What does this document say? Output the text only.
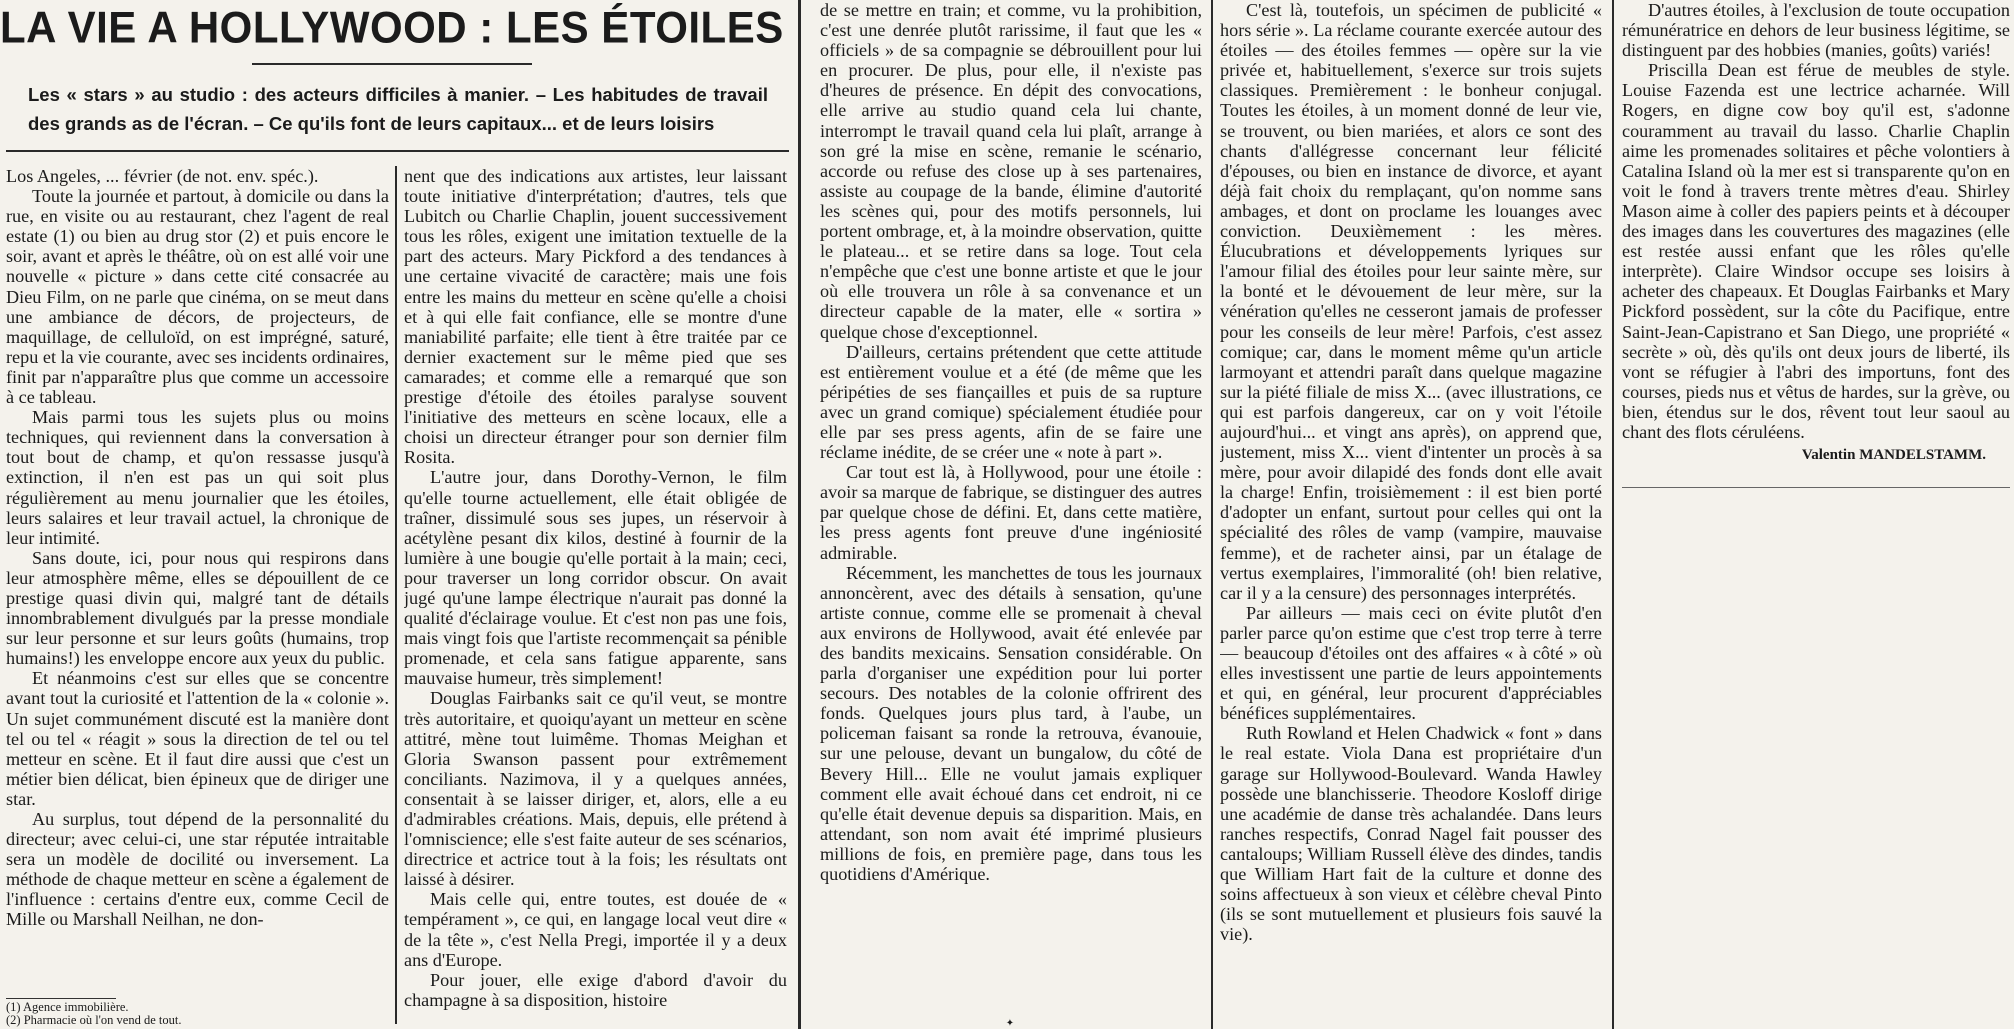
LA VIE A HOLLYWOOD : LES ÉTOILES
Les « stars » au studio : des acteurs difficiles à manier. – Les habitudes de travail des grands as de l'écran. – Ce qu'ils font de leurs capitaux... et de leurs loisirs

Los Angeles, ... février (de not. env. spéc.).

Toute la journée et partout, à domicile ou dans la rue, en visite ou au restaurant, chez l'agent de real estate (1) ou bien au drug stor (2) et puis encore le soir, avant et après le théâtre, où on est allé voir une nouvelle « picture » dans cette cité consacrée au Dieu Film, on ne parle que cinéma, on se meut dans une ambiance de décors, de projecteurs, de maquillage, de celluloïd, on est imprégné, saturé, repu et la vie courante, avec ses incidents ordinaires, finit par n'apparaître plus que comme un accessoire à ce tableau.

Mais parmi tous les sujets plus ou moins techniques, qui reviennent dans la conversation à tout bout de champ, et qu'on ressasse jusqu'à extinction, il n'en est pas un qui soit plus régulièrement au menu journalier que les étoiles, leurs salaires et leur travail actuel, la chronique de leur intimité.

Sans doute, ici, pour nous qui respirons dans leur atmosphère même, elles se dépouillent de ce prestige quasi divin qui, malgré tant de détails innombrablement divulgués par la presse mondiale sur leur personne et sur leurs goûts (humains, trop humains!) les enveloppe encore aux yeux du public.

Et néanmoins c'est sur elles que se concentre avant tout la curiosité et l'attention de la « colonie ». Un sujet communément discuté est la manière dont tel ou tel « réagit » sous la direction de tel ou tel metteur en scène. Et il faut dire aussi que c'est un métier bien délicat, bien épineux que de diriger une star.

Au surplus, tout dépend de la personnalité du directeur; avec celui-ci, une star réputée intraitable sera un modèle de docilité ou inversement. La méthode de chaque metteur en scène a également de l'influence : certains d'entre eux, comme Cecil de Mille ou Marshall Neilhan, ne don-

(1) Agence immobilière.
(2) Pharmacie où l'on vend de tout.

nent que des indications aux artistes, leur laissant toute initiative d'interprétation; d'autres, tels que Lubitch ou Charlie Chaplin, jouent successivement tous les rôles, exigent une imitation textuelle de la part des acteurs. Mary Pickford a des tendances à une certaine vivacité de caractère; mais une fois entre les mains du metteur en scène qu'elle a choisi et à qui elle fait confiance, elle se montre d'une maniabilité parfaite; elle tient à être traitée par ce dernier exactement sur le même pied que ses camarades; et comme elle a remarqué que son prestige d'étoile des étoiles paralyse souvent l'initiative des metteurs en scène locaux, elle a choisi un directeur étranger pour son dernier film Rosita.

L'autre jour, dans Dorothy-Vernon, le film qu'elle tourne actuellement, elle était obligée de traîner, dissimulé sous ses jupes, un réservoir à acétylène pesant dix kilos, destiné à fournir de la lumière à une bougie qu'elle portait à la main; ceci, pour traverser un long corridor obscur. On avait jugé qu'une lampe électrique n'aurait pas donné la qualité d'éclairage voulue. Et c'est non pas une fois, mais vingt fois que l'artiste recommençait sa pénible promenade, et cela sans fatigue apparente, sans mauvaise humeur, très simplement!

Douglas Fairbanks sait ce qu'il veut, se montre très autoritaire, et quoiqu'ayant un metteur en scène attitré, mène tout luimême. Thomas Meighan et Gloria Swanson passent pour extrêmement conciliants. Nazimova, il y a quelques années, consentait à se laisser diriger, et, alors, elle a eu d'admirables créations. Mais, depuis, elle prétend à l'omniscience; elle s'est faite auteur de ses scénarios, directrice et actrice tout à la fois; les résultats ont laissé à désirer.

Mais celle qui, entre toutes, est douée de « tempérament », ce qui, en langage local veut dire « de la tête », c'est Nella Pregi, importée il y a deux ans d'Europe.

Pour jouer, elle exige d'abord d'avoir du champagne à sa disposition, histoire

de se mettre en train; et comme, vu la prohibition, c'est une denrée plutôt rarissime, il faut que les « officiels » de sa compagnie se débrouillent pour lui en procurer. De plus, pour elle, il n'existe pas d'heures de présence. En dépit des convocations, elle arrive au studio quand cela lui chante, interrompt le travail quand cela lui plaît, arrange à son gré la mise en scène, remanie le scénario, accorde ou refuse des close up à ses partenaires, assiste au coupage de la bande, élimine d'autorité les scènes qui, pour des motifs personnels, lui portent ombrage, et, à la moindre observation, quitte le plateau... et se retire dans sa loge. Tout cela n'empêche que c'est une bonne artiste et que le jour où elle trouvera un rôle à sa convenance et un directeur capable de la mater, elle « sortira » quelque chose d'exceptionnel.

D'ailleurs, certains prétendent que cette attitude est entièrement voulue et a été (de même que les péripéties de ses fiançailles et puis de sa rupture avec un grand comique) spécialement étudiée pour elle par ses press agents, afin de se faire une réclame inédite, de se créer une « note à part ».

Car tout est là, à Hollywood, pour une étoile : avoir sa marque de fabrique, se distinguer des autres par quelque chose de défini. Et, dans cette matière, les press agents font preuve d'une ingéniosité admirable.

Récemment, les manchettes de tous les journaux annoncèrent, avec des détails à sensation, qu'une artiste connue, comme elle se promenait à cheval aux environs de Hollywood, avait été enlevée par des bandits mexicains. Sensation considérable. On parla d'organiser une expédition pour lui porter secours. Des notables de la colonie offrirent des fonds. Quelques jours plus tard, à l'aube, un policeman faisant sa ronde la retrouva, évanouie, sur une pelouse, devant un bungalow, du côté de Bevery Hill... Elle ne voulut jamais expliquer comment elle avait échoué dans cet endroit, ni ce qu'elle était devenue depuis sa disparition. Mais, en attendant, son nom avait été imprimé plusieurs millions de fois, en première page, dans tous les quotidiens d'Amérique.

✦

C'est là, toutefois, un spécimen de publicité « hors série ». La réclame courante exercée autour des étoiles — des étoiles femmes — opère sur la vie privée et, habituellement, s'exerce sur trois sujets classiques. Premièrement : le bonheur conjugal. Toutes les étoiles, à un moment donné de leur vie, se trouvent, ou bien mariées, et alors ce sont des chants d'allégresse concernant leur félicité d'épouses, ou bien en instance de divorce, et ayant déjà fait choix du remplaçant, qu'on nomme sans ambages, et dont on proclame les louanges avec conviction. Deuxièmement : les mères. Élucubrations et développements lyriques sur l'amour filial des étoiles pour leur sainte mère, sur la bonté et le dévouement de leur mère, sur la vénération qu'elles ne cesseront jamais de professer pour les conseils de leur mère! Parfois, c'est assez comique; car, dans le moment même qu'un article larmoyant et attendri paraît dans quelque magazine sur la piété filiale de miss X... (avec illustrations, ce qui est parfois dangereux, car on y voit l'étoile aujourd'hui... et vingt ans après), on apprend que, justement, miss X... vient d'intenter un procès à sa mère, pour avoir dilapidé des fonds dont elle avait la charge! Enfin, troisièmement : il est bien porté d'adopter un enfant, surtout pour celles qui ont la spécialité des rôles de vamp (vampire, mauvaise femme), et de racheter ainsi, par un étalage de vertus exemplaires, l'immoralité (oh! bien relative, car il y a la censure) des personnages interprétés.

Par ailleurs — mais ceci on évite plutôt d'en parler parce qu'on estime que c'est trop terre à terre — beaucoup d'étoiles ont des affaires « à côté » où elles investissent une partie de leurs appointements et qui, en général, leur procurent d'appréciables bénéfices supplémentaires.

Ruth Rowland et Helen Chadwick « font » dans le real estate. Viola Dana est propriétaire d'un garage sur Hollywood-Boulevard. Wanda Hawley possède une blanchisserie. Theodore Kosloff dirige une académie de danse très achalandée. Dans leurs ranches respectifs, Conrad Nagel fait pousser des cantaloups; William Russell élève des dindes, tandis que William Hart fait de la culture et donne des soins affectueux à son vieux et célèbre cheval Pinto (ils se sont mutuellement et plusieurs fois sauvé la vie).

D'autres étoiles, à l'exclusion de toute occupation rémunératrice en dehors de leur business légitime, se distinguent par des hobbies (manies, goûts) variés!

Priscilla Dean est férue de meubles de style. Louise Fazenda est une lectrice acharnée. Will Rogers, en digne cow boy qu'il est, s'adonne couramment au travail du lasso. Charlie Chaplin aime les promenades solitaires et pêche volontiers à Catalina Island où la mer est si transparente qu'on en voit le fond à travers trente mètres d'eau. Shirley Mason aime à coller des papiers peints et à découper des images dans les couvertures des magazines (elle est restée aussi enfant que les rôles qu'elle interprète). Claire Windsor occupe ses loisirs à acheter des chapeaux. Et Douglas Fairbanks et Mary Pickford possèdent, sur la côte du Pacifique, entre Saint-Jean-Capistrano et San Diego, une propriété « secrète » où, dès qu'ils ont deux jours de liberté, ils vont se réfugier à l'abri des importuns, font des courses, pieds nus et vêtus de hardes, sur la grève, ou bien, étendus sur le dos, rêvent tout leur saoul au chant des flots céruléens.

Valentin MANDELSTAMM.
